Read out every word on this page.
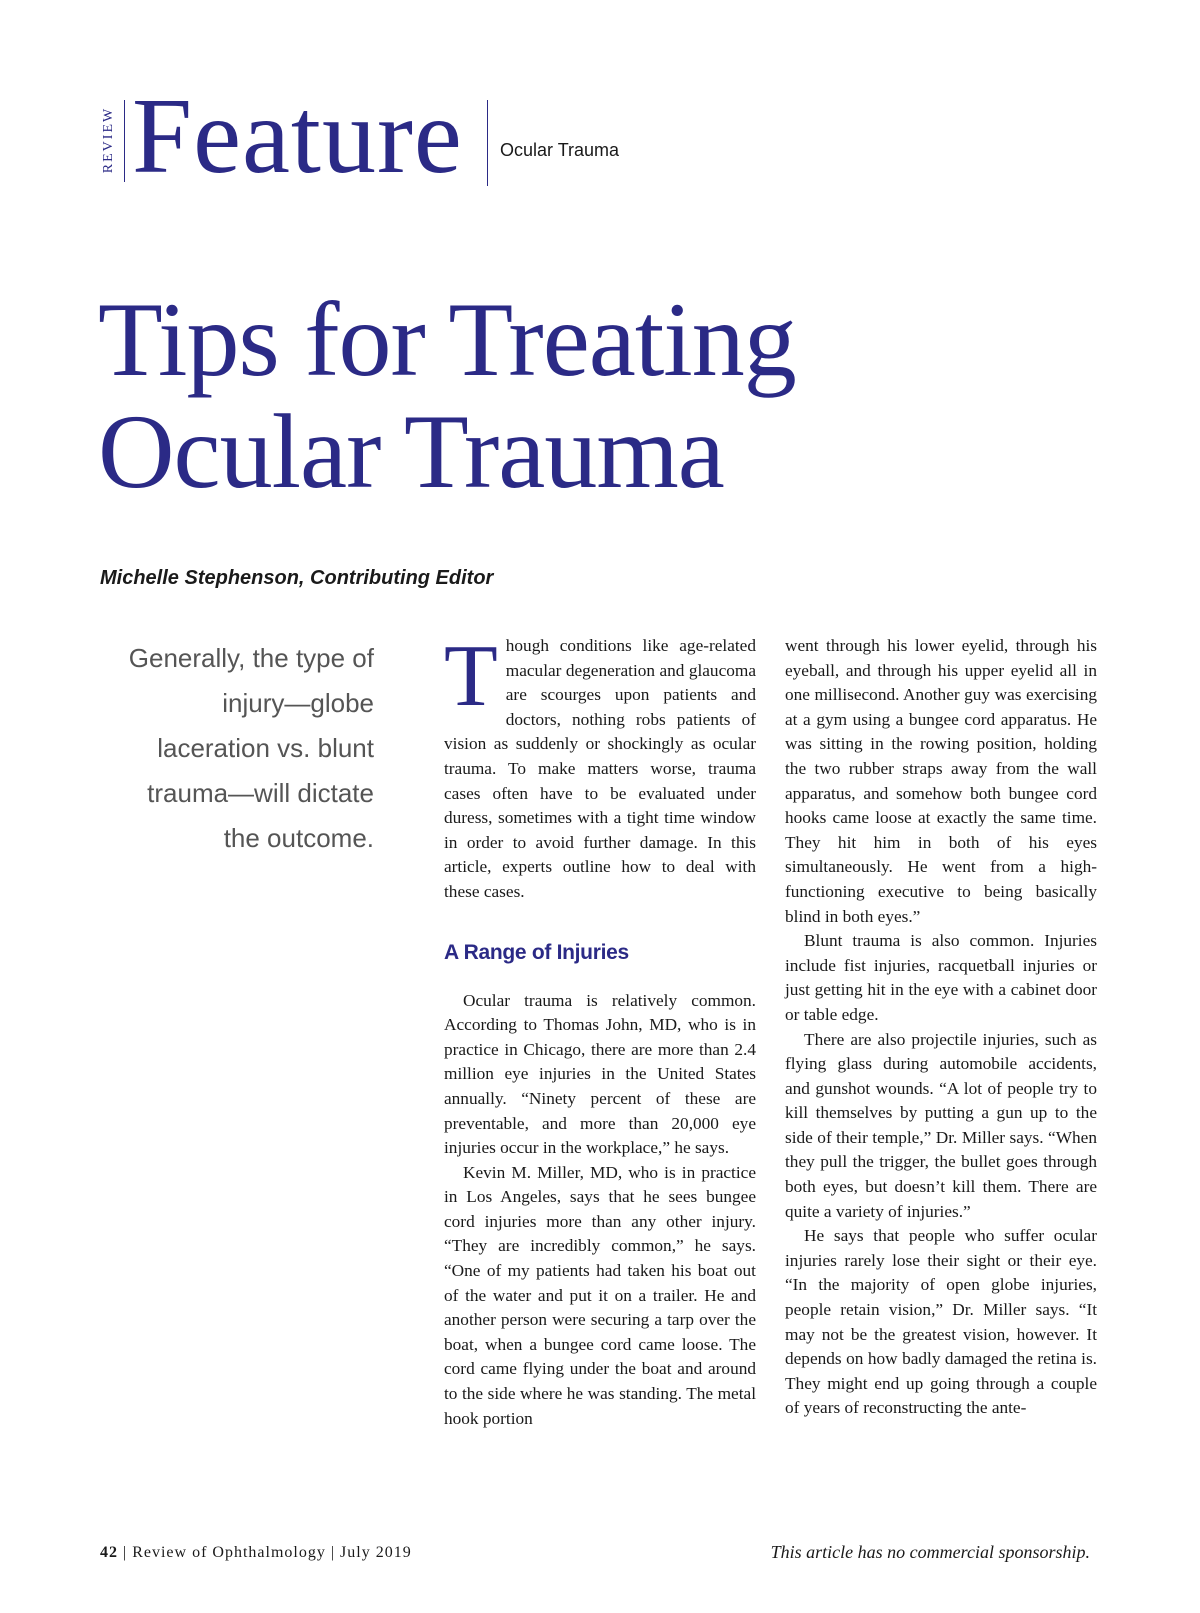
REVIEW Feature Ocular Trauma
Tips for Treating
Ocular Trauma
Michelle Stephenson, Contributing Editor
Generally, the type of injury—globe laceration vs. blunt trauma—will dictate the outcome.

Though conditions like age-related macular degeneration and glaucoma are scourges upon patients and doctors, nothing robs patients of vision as suddenly or shockingly as ocular trauma. To make matters worse, trauma cases often have to be evaluated under duress, sometimes with a tight time window in order to avoid further damage. In this article, experts outline how to deal with these cases.

A Range of Injuries

Ocular trauma is relatively common. According to Thomas John, MD, who is in practice in Chicago, there are more than 2.4 million eye injuries in the United States annually. “Ninety percent of these are preventable, and more than 20,000 eye injuries occur in the workplace,” he says.

Kevin M. Miller, MD, who is in practice in Los Angeles, says that he sees bungee cord injuries more than any other injury. “They are incredibly common,” he says. “One of my patients had taken his boat out of the water and put it on a trailer. He and another person were securing a tarp over the boat, when a bungee cord came loose. The cord came flying under the boat and around to the side where he was standing. The metal hook portion

went through his lower eyelid, through his eyeball, and through his upper eyelid all in one millisecond. Another guy was exercising at a gym using a bungee cord apparatus. He was sitting in the rowing position, holding the two rubber straps away from the wall apparatus, and somehow both bungee cord hooks came loose at exactly the same time. They hit him in both of his eyes simultaneously. He went from a high-functioning executive to being basically blind in both eyes.”

Blunt trauma is also common. Injuries include fist injuries, racquetball injuries or just getting hit in the eye with a cabinet door or table edge.

There are also projectile injuries, such as flying glass during automobile accidents, and gunshot wounds. “A lot of people try to kill themselves by putting a gun up to the side of their temple,” Dr. Miller says. “When they pull the trigger, the bullet goes through both eyes, but doesn’t kill them. There are quite a variety of injuries.”

He says that people who suffer ocular injuries rarely lose their sight or their eye. “In the majority of open globe injuries, people retain vision,” Dr. Miller says. “It may not be the greatest vision, however. It depends on how badly damaged the retina is. They might end up going through a couple of years of reconstructing the ante-

42 | Review of Ophthalmology | July 2019	This article has no commercial sponsorship.
